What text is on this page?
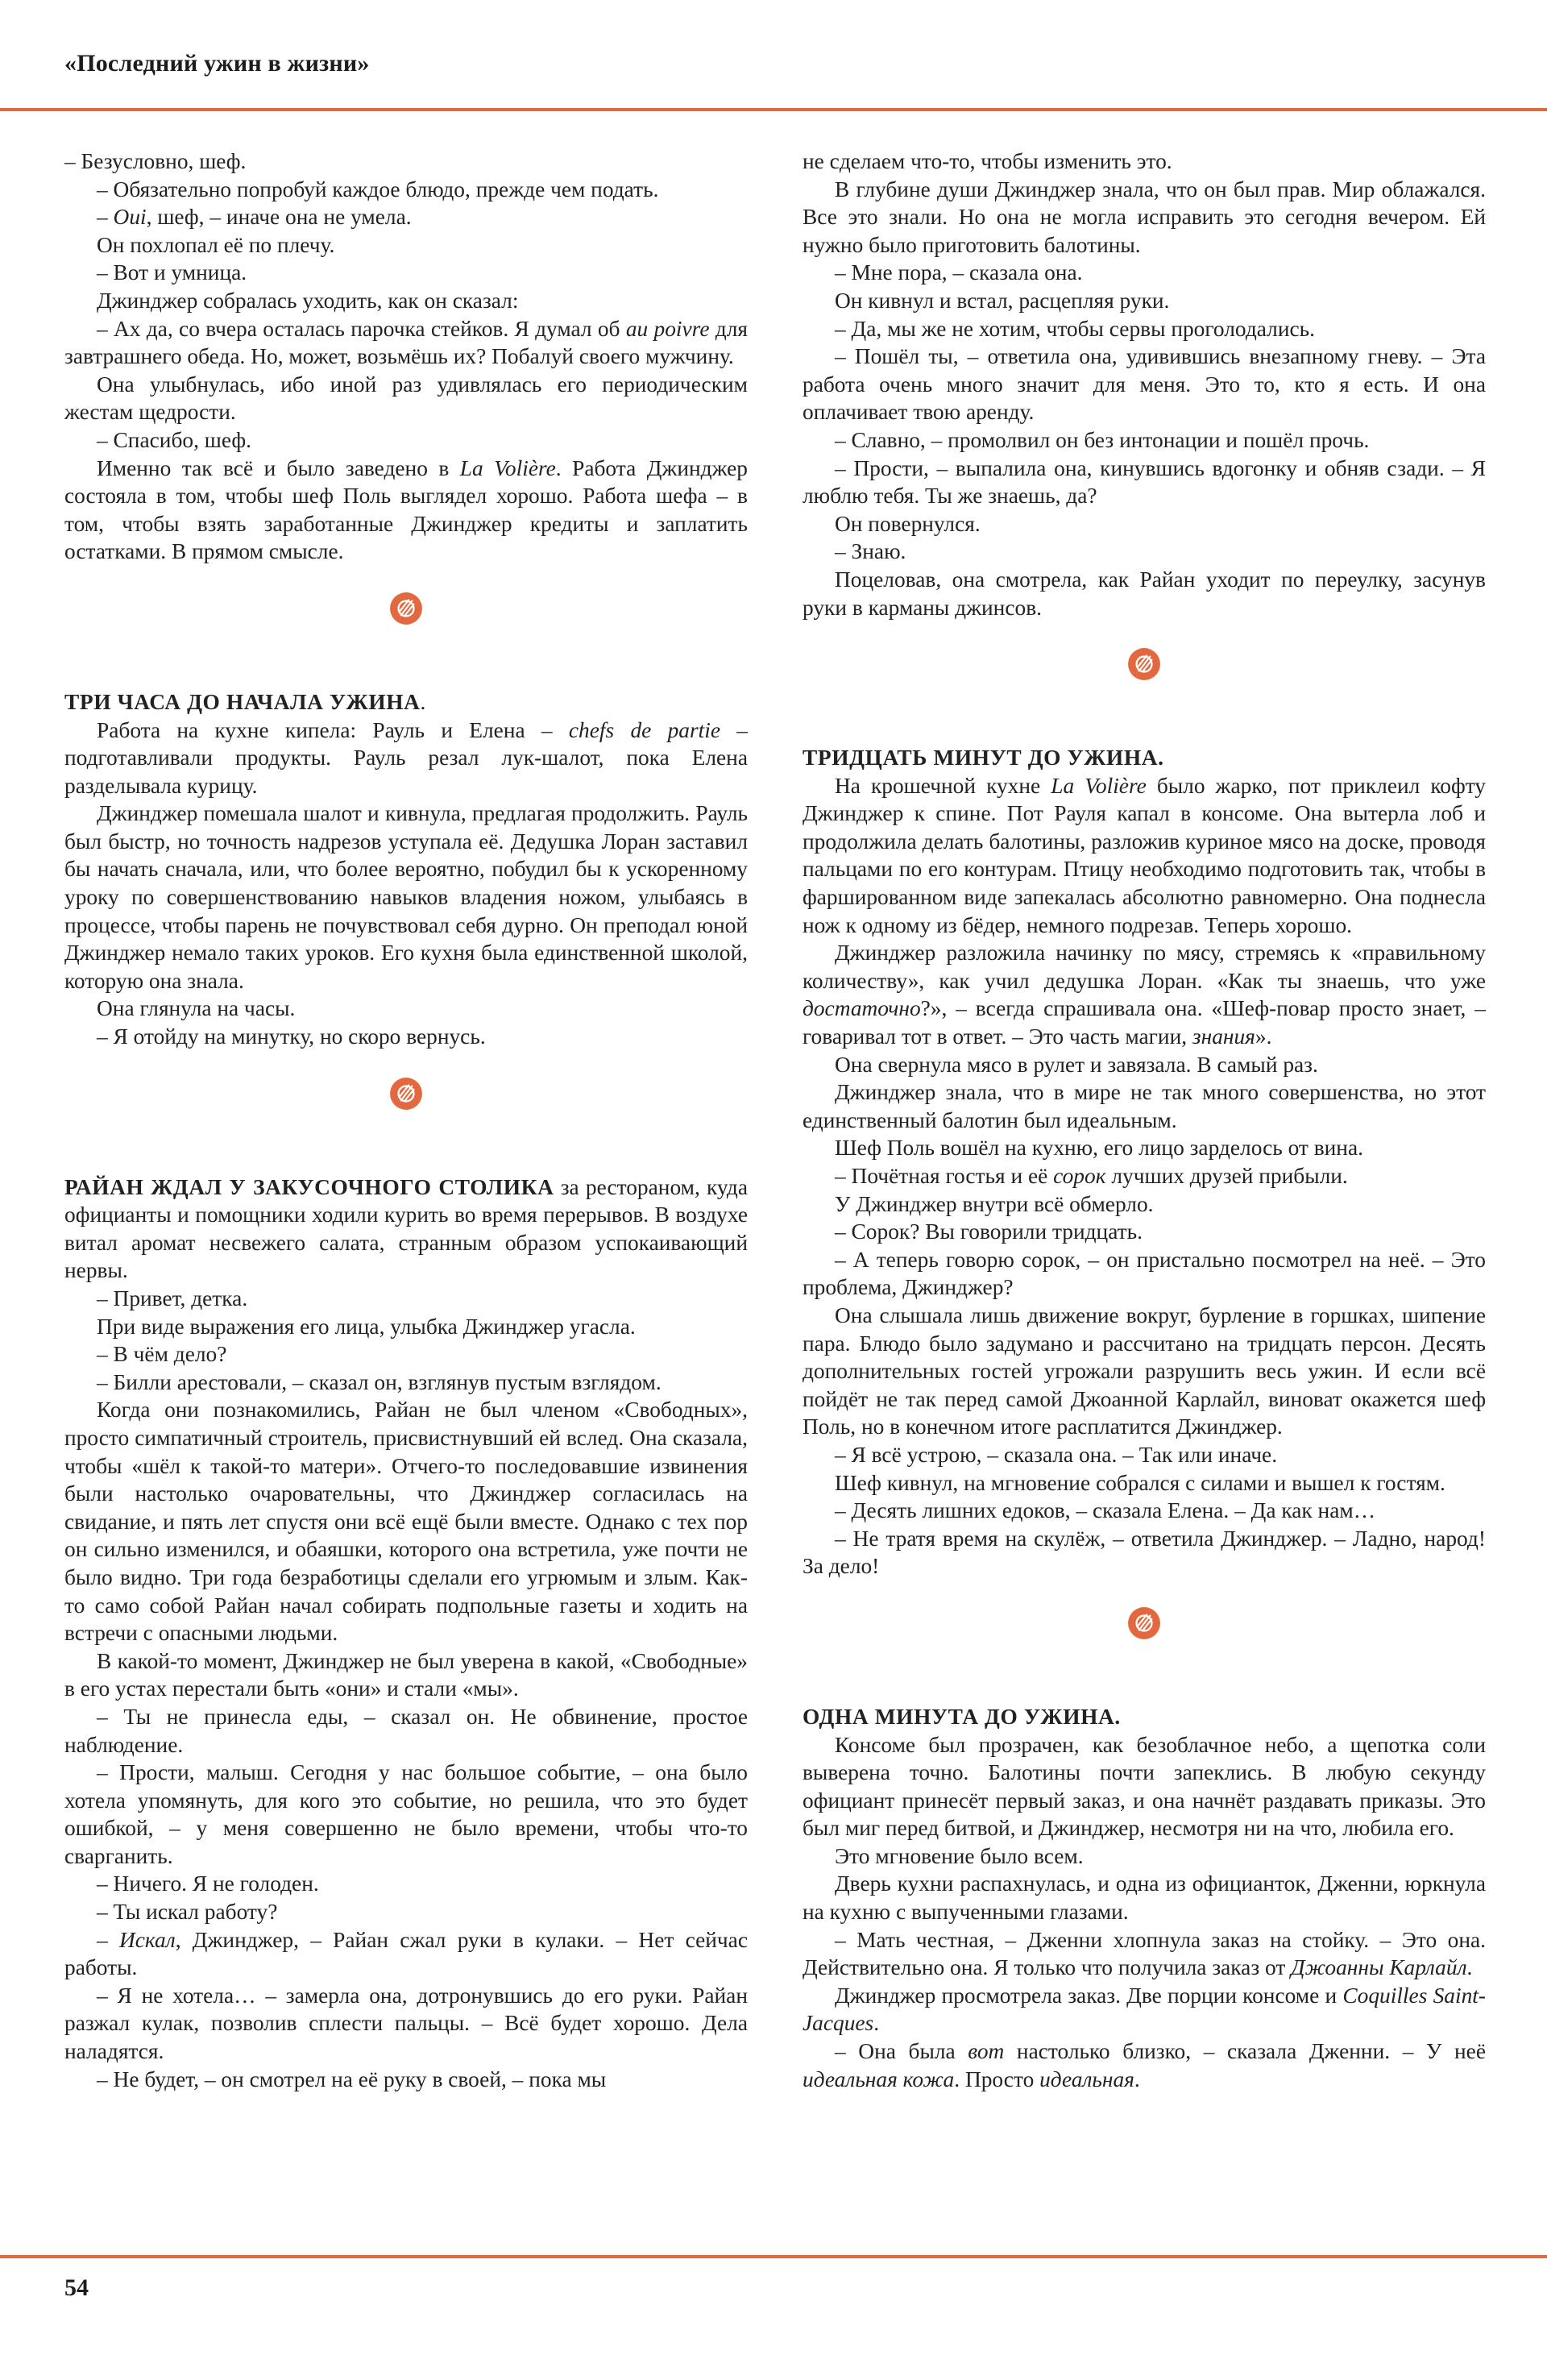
«Последний ужин в жизни»

– Безусловно, шеф.

– Обязательно попробуй каждое блюдо, прежде чем подать.

– Oui, шеф, – иначе она не умела.

Он похлопал её по плечу.

– Вот и умница.

Джинджер собралась уходить, как он сказал:

– Ах да, со вчера осталась парочка стейков. Я думал об au poivre для завтрашнего обеда. Но, может, возьмёшь их? Побалуй своего мужчину.

Она улыбнулась, ибо иной раз удивлялась его периодическим жестам щедрости.

– Спасибо, шеф.

Именно так всё и было заведено в La Volière. Работа Джинджер состояла в том, чтобы шеф Поль выглядел хорошо. Работа шефа – в том, чтобы взять заработанные Джинджер кредиты и заплатить остатками. В прямом смысле.

ТРИ ЧАСА ДО НАЧАЛА УЖИНА.

Работа на кухне кипела: Рауль и Елена – chefs de partie – подготавливали продукты. Рауль резал лук-шалот, пока Елена разделывала курицу.

Джинджер помешала шалот и кивнула, предлагая продолжить. Рауль был быстр, но точность надрезов уступала её. Дедушка Лоран заставил бы начать сначала, или, что более вероятно, побудил бы к ускоренному уроку по совершенствованию навыков владения ножом, улыбаясь в процессе, чтобы парень не почувствовал себя дурно. Он преподал юной Джинджер немало таких уроков. Его кухня была единственной школой, которую она знала.

Она глянула на часы.

– Я отойду на минутку, но скоро вернусь.

РАЙАН ЖДАЛ У ЗАКУСОЧНОГО СТОЛИКА за рестораном, куда официанты и помощники ходили курить во время перерывов. В воздухе витал аромат несвежего салата, странным образом успокаивающий нервы.

– Привет, детка.

При виде выражения его лица, улыбка Джинджер угасла.

– В чём дело?

– Билли арестовали, – сказал он, взглянув пустым взглядом.

Когда они познакомились, Райан не был членом «Свободных», просто симпатичный строитель, присвистнувший ей вслед. Она сказала, чтобы «шёл к такой-то матери». Отчего-то последовавшие извинения были настолько очаровательны, что Джинджер согласилась на свидание, и пять лет спустя они всё ещё были вместе. Однако с тех пор он сильно изменился, и обаяшки, которого она встретила, уже почти не было видно. Три года безработицы сделали его угрюмым и злым. Как-то само собой Райан начал собирать подпольные газеты и ходить на встречи с опасными людьми.

В какой-то момент, Джинджер не был уверена в какой, «Свободные» в его устах перестали быть «они» и стали «мы».

– Ты не принесла еды, – сказал он. Не обвинение, простое наблюдение.

– Прости, малыш. Сегодня у нас большое событие, – она было хотела упомянуть, для кого это событие, но решила, что это будет ошибкой, – у меня совершенно не было времени, чтобы что-то сварганить.

– Ничего. Я не голоден.

– Ты искал работу?

– Искал, Джинджер, – Райан сжал руки в кулаки. – Нет сейчас работы.

– Я не хотела… – замерла она, дотронувшись до его руки. Райан разжал кулак, позволив сплести пальцы. – Всё будет хорошо. Дела наладятся.

– Не будет, – он смотрел на её руку в своей, – пока мы

не сделаем что-то, чтобы изменить это.

В глубине души Джинджер знала, что он был прав. Мир облажался. Все это знали. Но она не могла исправить это сегодня вечером. Ей нужно было приготовить балотины.

– Мне пора, – сказала она.

Он кивнул и встал, расцепляя руки.

– Да, мы же не хотим, чтобы сервы проголодались.

– Пошёл ты, – ответила она, удивившись внезапному гневу. – Эта работа очень много значит для меня. Это то, кто я есть. И она оплачивает твою аренду.

– Славно, – промолвил он без интонации и пошёл прочь.

– Прости, – выпалила она, кинувшись вдогонку и обняв сзади. – Я люблю тебя. Ты же знаешь, да?

Он повернулся.

– Знаю.

Поцеловав, она смотрела, как Райан уходит по переулку, засунув руки в карманы джинсов.

ТРИДЦАТЬ МИНУТ ДО УЖИНА.

На крошечной кухне La Volière было жарко, пот приклеил кофту Джинджер к спине. Пот Рауля капал в консоме. Она вытерла лоб и продолжила делать балотины, разложив куриное мясо на доске, проводя пальцами по его контурам. Птицу необходимо подготовить так, чтобы в фаршированном виде запекалась абсолютно равномерно. Она поднесла нож к одному из бёдер, немного подрезав. Теперь хорошо.

Джинджер разложила начинку по мясу, стремясь к «правильному количеству», как учил дедушка Лоран. «Как ты знаешь, что уже достаточно?», – всегда спрашивала она. «Шеф-повар просто знает, – говаривал тот в ответ. – Это часть магии, знания».

Она свернула мясо в рулет и завязала. В самый раз.

Джинджер знала, что в мире не так много совершенства, но этот единственный балотин был идеальным.

Шеф Поль вошёл на кухню, его лицо зарделось от вина.

– Почётная гостья и её сорок лучших друзей прибыли.

У Джинджер внутри всё обмерло.

– Сорок? Вы говорили тридцать.

– А теперь говорю сорок, – он пристально посмотрел на неё. – Это проблема, Джинджер?

Она слышала лишь движение вокруг, бурление в горшках, шипение пара. Блюдо было задумано и рассчитано на тридцать персон. Десять дополнительных гостей угрожали разрушить весь ужин. И если всё пойдёт не так перед самой Джоанной Карлайл, виноват окажется шеф Поль, но в конечном итоге расплатится Джинджер.

– Я всё устрою, – сказала она. – Так или иначе.

Шеф кивнул, на мгновение собрался с силами и вышел к гостям.

– Десять лишних едоков, – сказала Елена. – Да как нам…

– Не тратя время на скулёж, – ответила Джинджер. – Ладно, народ! За дело!

ОДНА МИНУТА ДО УЖИНА.

Консоме был прозрачен, как безоблачное небо, а щепотка соли выверена точно. Балотины почти запеклись. В любую секунду официант принесёт первый заказ, и она начнёт раздавать приказы. Это был миг перед битвой, и Джинджер, несмотря ни на что, любила его.

Это мгновение было всем.

Дверь кухни распахнулась, и одна из официанток, Дженни, юркнула на кухню с выпученными глазами.

– Мать честная, – Дженни хлопнула заказ на стойку. – Это она. Действительно она. Я только что получила заказ от Джоанны Карлайл.

Джинджер просмотрела заказ. Две порции консоме и Coquilles Saint-Jacques.

– Она была вот настолько близко, – сказала Дженни. – У неё идеальная кожа. Просто идеальная.

54
